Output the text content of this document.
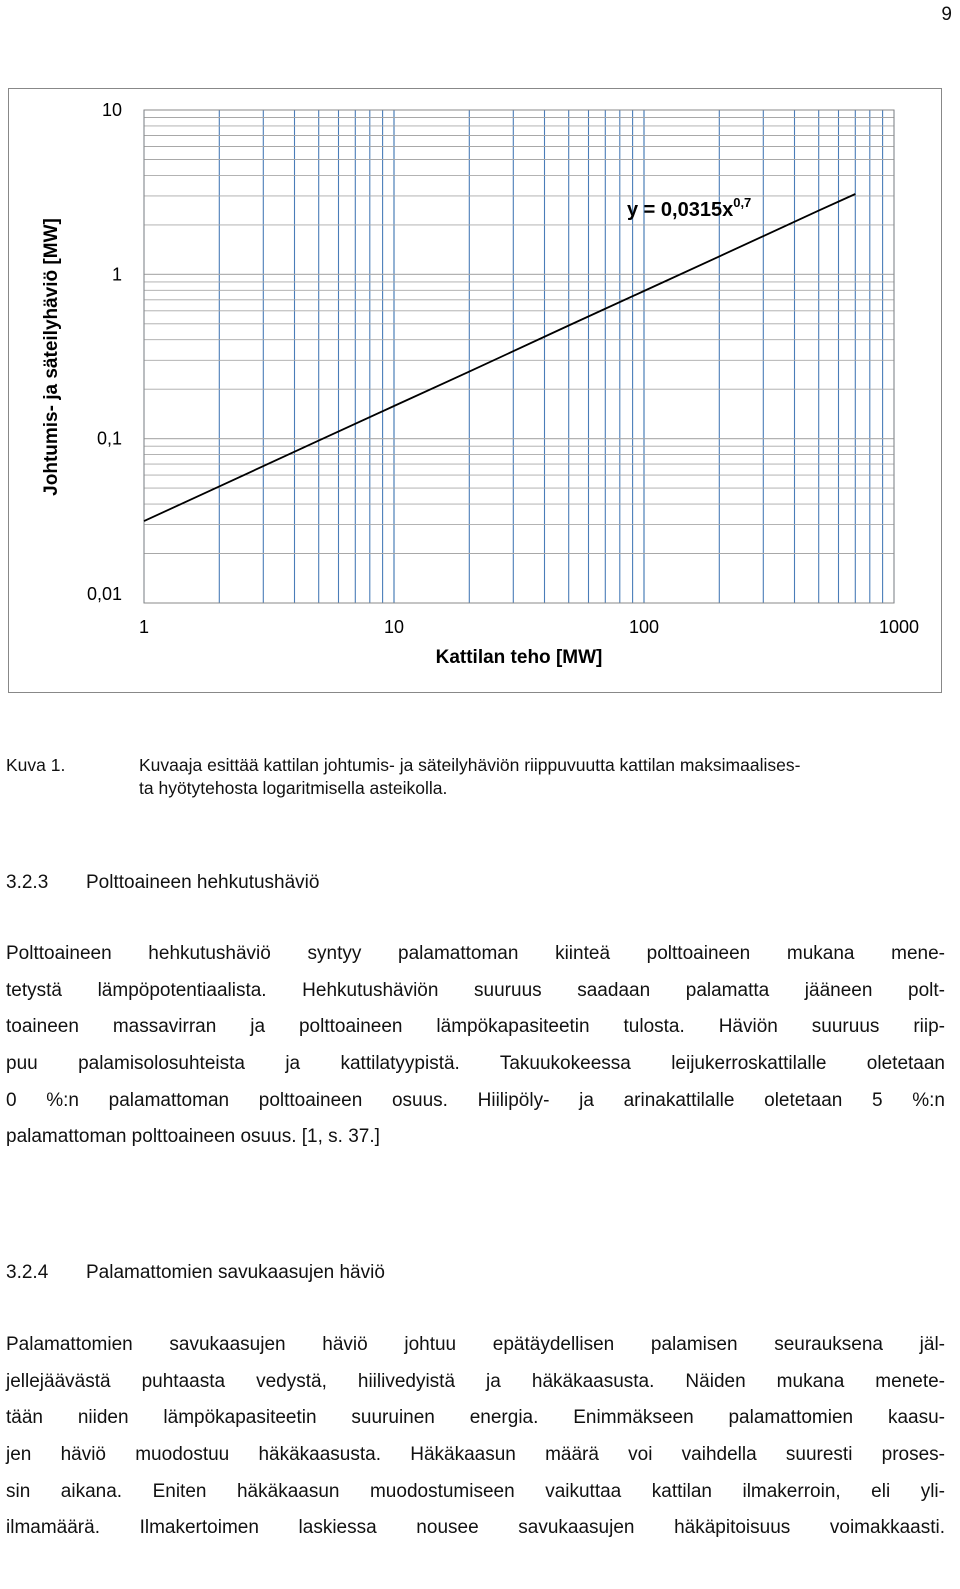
9
1	10	100	1000
0,01
0,1
1
10
Kattilan teho [MW]
Johtumis- ja säteilyhäviö [MW]
$y = 0,0315x^{0,7}$
Kuva 1.	Kuvaaja esittää kattilan johtumis- ja säteilyhäviön riippuvuutta kattilan maksimaalises-
ta hyötytehosta logaritmisella asteikolla.
3.2.3 Polttoaineen hehkutushäviö
Polttoaineen hehkutushäviö syntyy palamattoman kiinteä polttoaineen mukana mene-
tetystä lämpöpotentiaalista. Hehkutushäviön suuruus saadaan palamatta jääneen polt-
toaineen massavirran ja polttoaineen lämpökapasiteetin tulosta. Häviön suuruus riip-
puu palamisolosuhteista ja kattilatyypistä. Takuukokeessa leijukerroskattilalle oletetaan
0 %:n palamattoman polttoaineen osuus. Hiilipöly- ja arinakattilalle oletetaan 5 %:n
palamattoman polttoaineen osuus. [1, s. 37.]
3.2.4 Palamattomien savukaasujen häviö
Palamattomien savukaasujen häviö johtuu epätäydellisen palamisen seurauksena jäl-
jellejäävästä puhtaasta vedystä, hiilivedyistä ja häkäkaasusta. Näiden mukana menete-
tään niiden lämpökapasiteetin suuruinen energia. Enimmäkseen palamattomien kaasu-
jen häviö muodostuu häkäkaasusta. Häkäkaasun määrä voi vaihdella suuresti proses-
sin aikana. Eniten häkäkaasun muodostumiseen vaikuttaa kattilan ilmakerroin, eli yli-
ilmamäärä. Ilmakertoimen laskiessa nousee savukaasujen häkäpitoisuus voimakkaasti.
